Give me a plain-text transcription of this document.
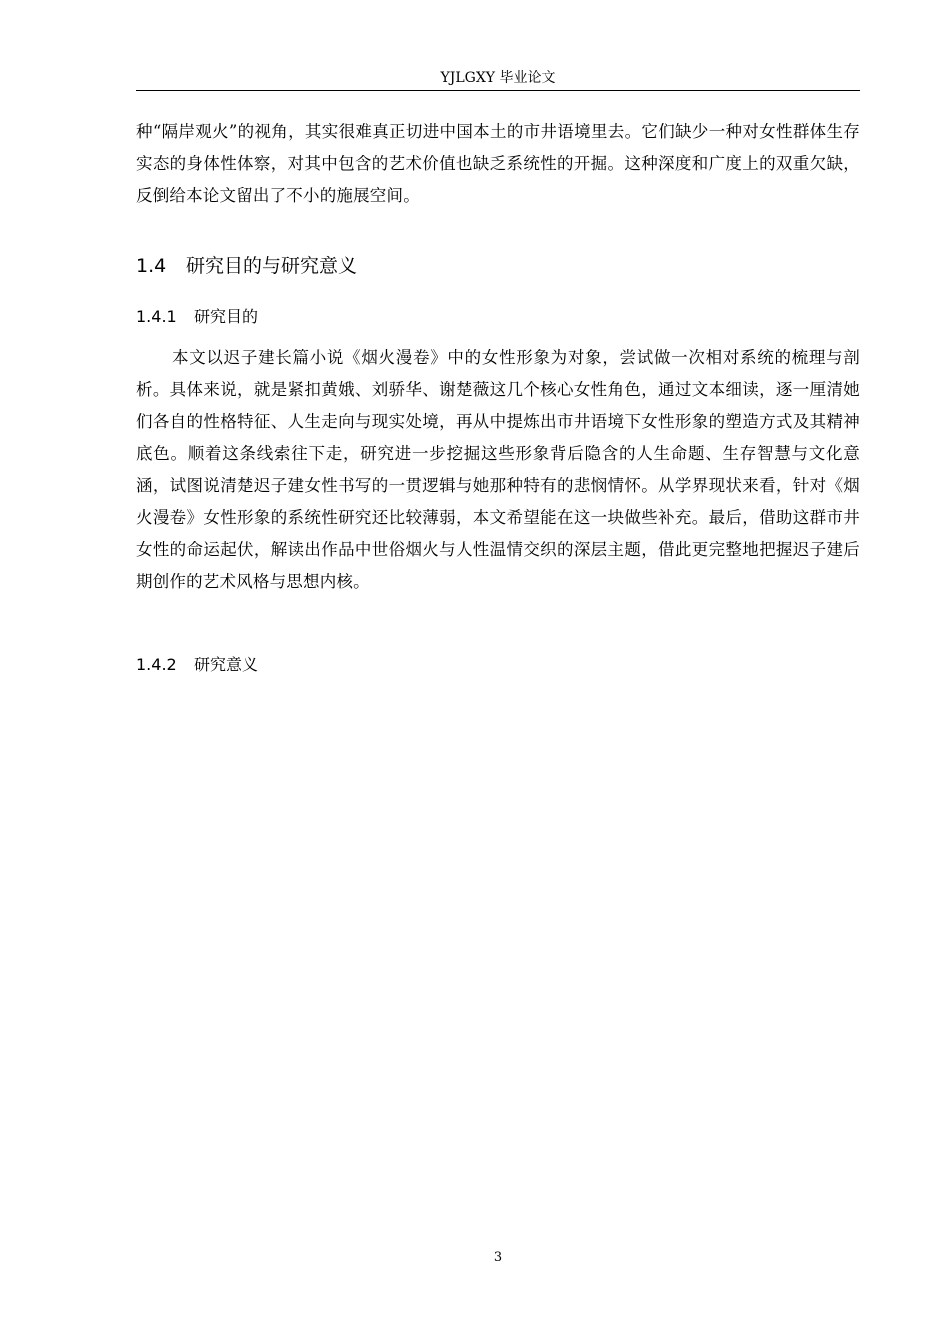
YJLGXY 毕业论文

种“隔岸观火”的视角，其实很难真正切进中国本土的市井语境里去。它们缺少一种对女性群体生存实态的身体性体察，对其中包含的艺术价值也缺乏系统性的开掘。这种深度和广度上的双重欠缺，反倒给本论文留出了不小的施展空间。

1.4 研究目的与研究意义
1.4.1 研究目的

本文以迟子建长篇小说《烟火漫卷》中的女性形象为对象，尝试做一次相对系统的梳理与剖析。具体来说，就是紧扣黄娥、刘骄华、谢楚薇这几个核心女性角色，通过文本细读，逐一厘清她们各自的性格特征、人生走向与现实处境，再从中提炼出市井语境下女性形象的塑造方式及其精神底色。顺着这条线索往下走，研究进一步挖掘这些形象背后隐含的人生命题、生存智慧与文化意涵，试图说清楚迟子建女性书写的一贯逻辑与她那种特有的悲悯情怀。从学界现状来看，针对《烟火漫卷》女性形象的系统性研究还比较薄弱，本文希望能在这一块做些补充。最后，借助这群市井女性的命运起伏，解读出作品中世俗烟火与人性温情交织的深层主题，借此更完整地把握迟子建后期创作的艺术风格与思想内核。

1.4.2 研究意义
3
